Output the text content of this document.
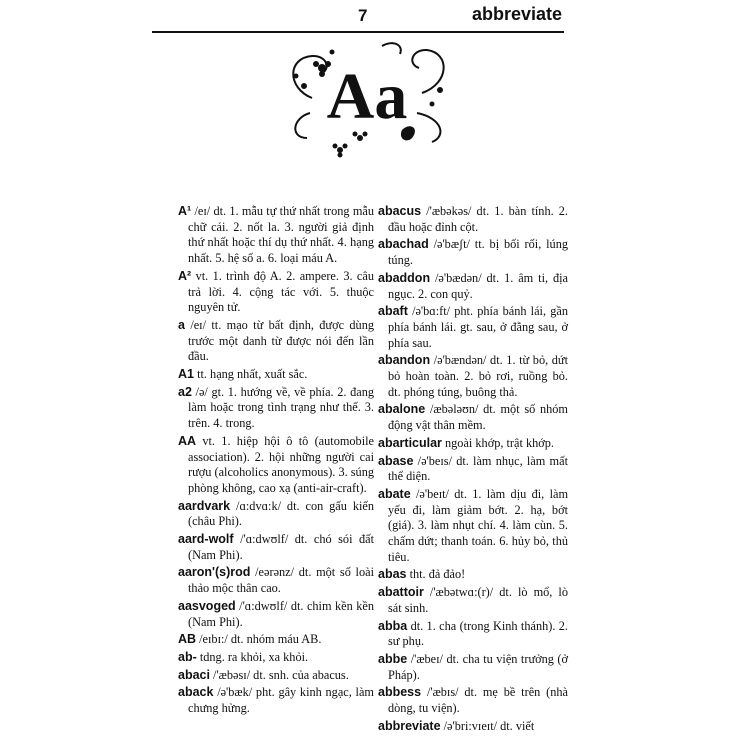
7	abbreviate
Aa

A¹ /eɪ/ dt. 1. mẫu tự thứ nhất trong mẫu chữ cái. 2. nốt la. 3. người giả định thứ nhất hoặc thí dụ thứ nhất. 4. hạng nhất. 5. hệ số a. 6. loại máu A.

A² vt. 1. trình độ A. 2. ampere. 3. câu trả lời. 4. cộng tác với. 5. thuộc nguyên tử.

a /eɪ/ tt. mạo từ bất định, được dùng trước một danh từ được nói đến lần đầu.

A1 tt. hạng nhất, xuất sắc.

a2 /ə/ gt. 1. hướng về, về phía. 2. đang làm hoặc trong tình trạng như thế. 3. trên. 4. trong.

AA vt. 1. hiệp hội ô tô (automobile association). 2. hội những người cai rượu (alcoholics anonymous). 3. súng phòng không, cao xạ (anti-air-craft).

aardvark /ɑ:dvɑ:k/ dt. con gấu kiến (châu Phi).

aard-wolf /'ɑ:dwʊlf/ dt. chó sói đất (Nam Phi).

aaron'(s)rod /eərənz/ dt. một số loài thảo mộc thân cao.

aasvoged /'ɑ:dwʊlf/ dt. chim kền kền (Nam Phi).

AB /eɪbɪ:/ dt. nhóm máu AB.

ab- tdng. ra khỏi, xa khỏi.

abaci /'æbəsɪ/ dt. snh. của abacus.

aback /ə'bæk/ pht. gây kinh ngạc, làm chưng hửng.

abacus /'æbəkəs/ dt. 1. bàn tính. 2. đầu hoặc đỉnh cột.

abachad /ə'bæʃt/ tt. bị bối rối, lúng túng.

abaddon /ə'bædən/ dt. 1. âm ti, địa ngục. 2. con quỷ.

abaft /ə'bɑ:ft/ pht. phía bánh lái, gần phía bánh lái. gt. sau, ở đằng sau, ở phía sau.

abandon /ə'bændən/ dt. 1. từ bỏ, dứt bỏ hoàn toàn. 2. bỏ rơi, ruồng bỏ. dt. phóng túng, buông thả.

abalone /æbələʊn/ dt. một số nhóm động vật thân mềm.

abarticular ngoài khớp, trật khớp.

abase /ə'beɪs/ dt. làm nhục, làm mất thể diện.

abate /ə'beɪt/ dt. 1. làm dịu đi, làm yếu đi, làm giảm bớt. 2. hạ, bớt (giá). 3. làm nhụt chí. 4. làm cùn. 5. chấm dứt; thanh toán. 6. hủy bỏ, thủ tiêu.

abas tht. đả đảo!

abattoir /'æbətwɑ:(r)/ dt. lò mổ, lò sát sinh.

abba dt. 1. cha (trong Kinh thánh). 2. sư phụ.

abbe /'æbeɪ/ dt. cha tu viện trưởng (ở Pháp).

abbess /'æbɪs/ dt. mẹ bề trên (nhà dòng, tu viện).

abbreviate /ə'bri:vɪeɪt/ dt. viết
